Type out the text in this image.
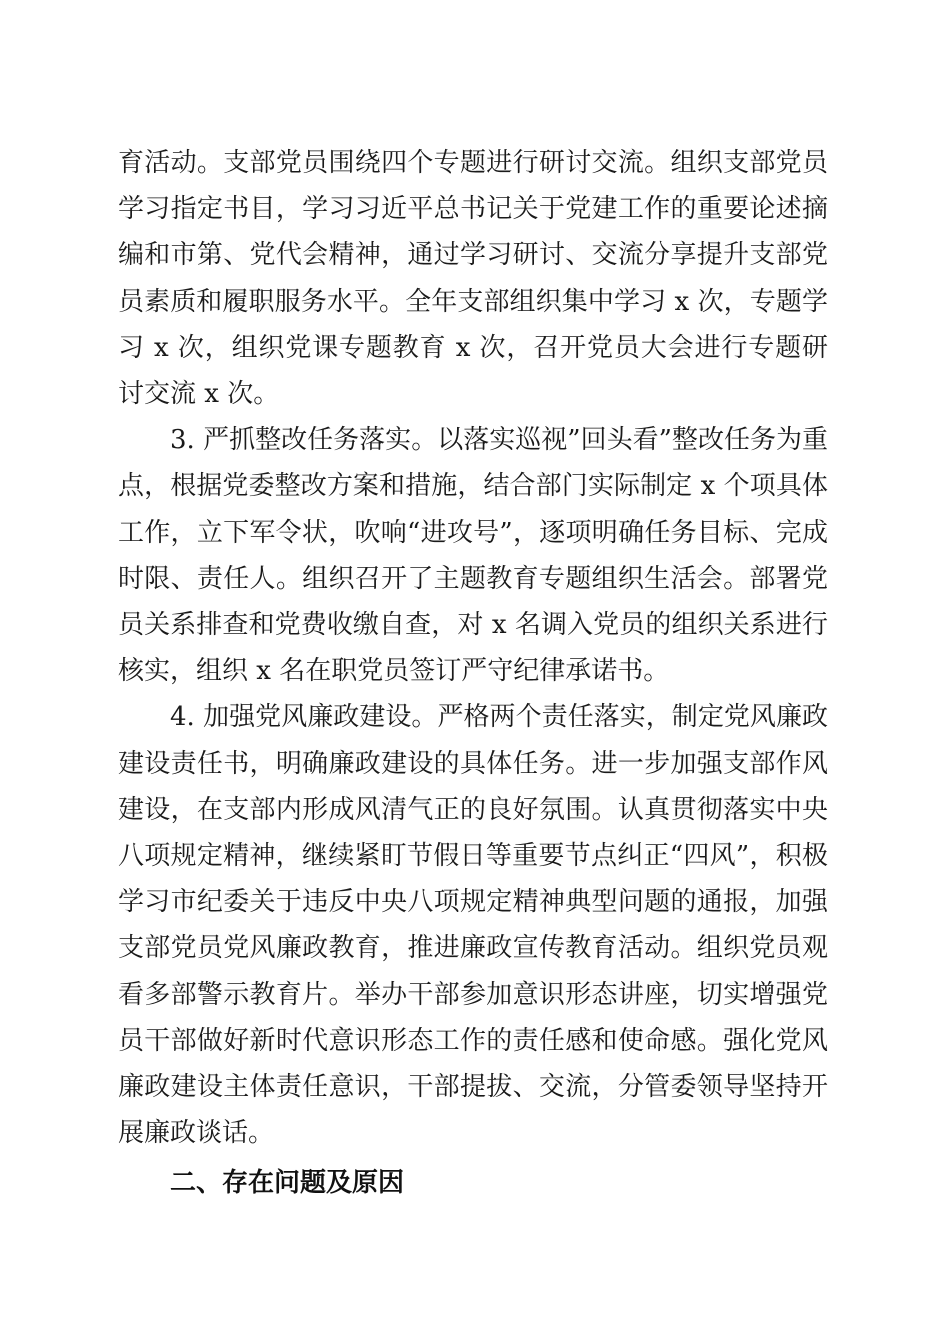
育活动。支部党员围绕四个专题进行研讨交流。组织支部党员学习指定书目，学习习近平总书记关于党建工作的重要论述摘编和市第、党代会精神，通过学习研讨、交流分享提升支部党员素质和履职服务水平。全年支部组织集中学习 x 次，专题学习 x 次，组织党课专题教育 x 次，召开党员大会进行专题研讨交流 x 次。

3. 严抓整改任务落实。以落实巡视”回头看”整改任务为重点，根据党委整改方案和措施，结合部门实际制定 x 个项具体工作，立下军令状，吹响“进攻号”，逐项明确任务目标、完成时限、责任人。组织召开了主题教育专题组织生活会。部署党员关系排查和党费收缴自查，对 x 名调入党员的组织关系进行核实，组织 x 名在职党员签订严守纪律承诺书。

4. 加强党风廉政建设。严格两个责任落实，制定党风廉政建设责任书，明确廉政建设的具体任务。进一步加强支部作风建设，在支部内形成风清气正的良好氛围。认真贯彻落实中央八项规定精神，继续紧盯节假日等重要节点纠正“四风”，积极学习市纪委关于违反中央八项规定精神典型问题的通报，加强支部党员党风廉政教育，推进廉政宣传教育活动。组织党员观看多部警示教育片。举办干部参加意识形态讲座，切实增强党员干部做好新时代意识形态工作的责任感和使命感。强化党风廉政建设主体责任意识，干部提拔、交流，分管委领导坚持开展廉政谈话。

二、存在问题及原因
